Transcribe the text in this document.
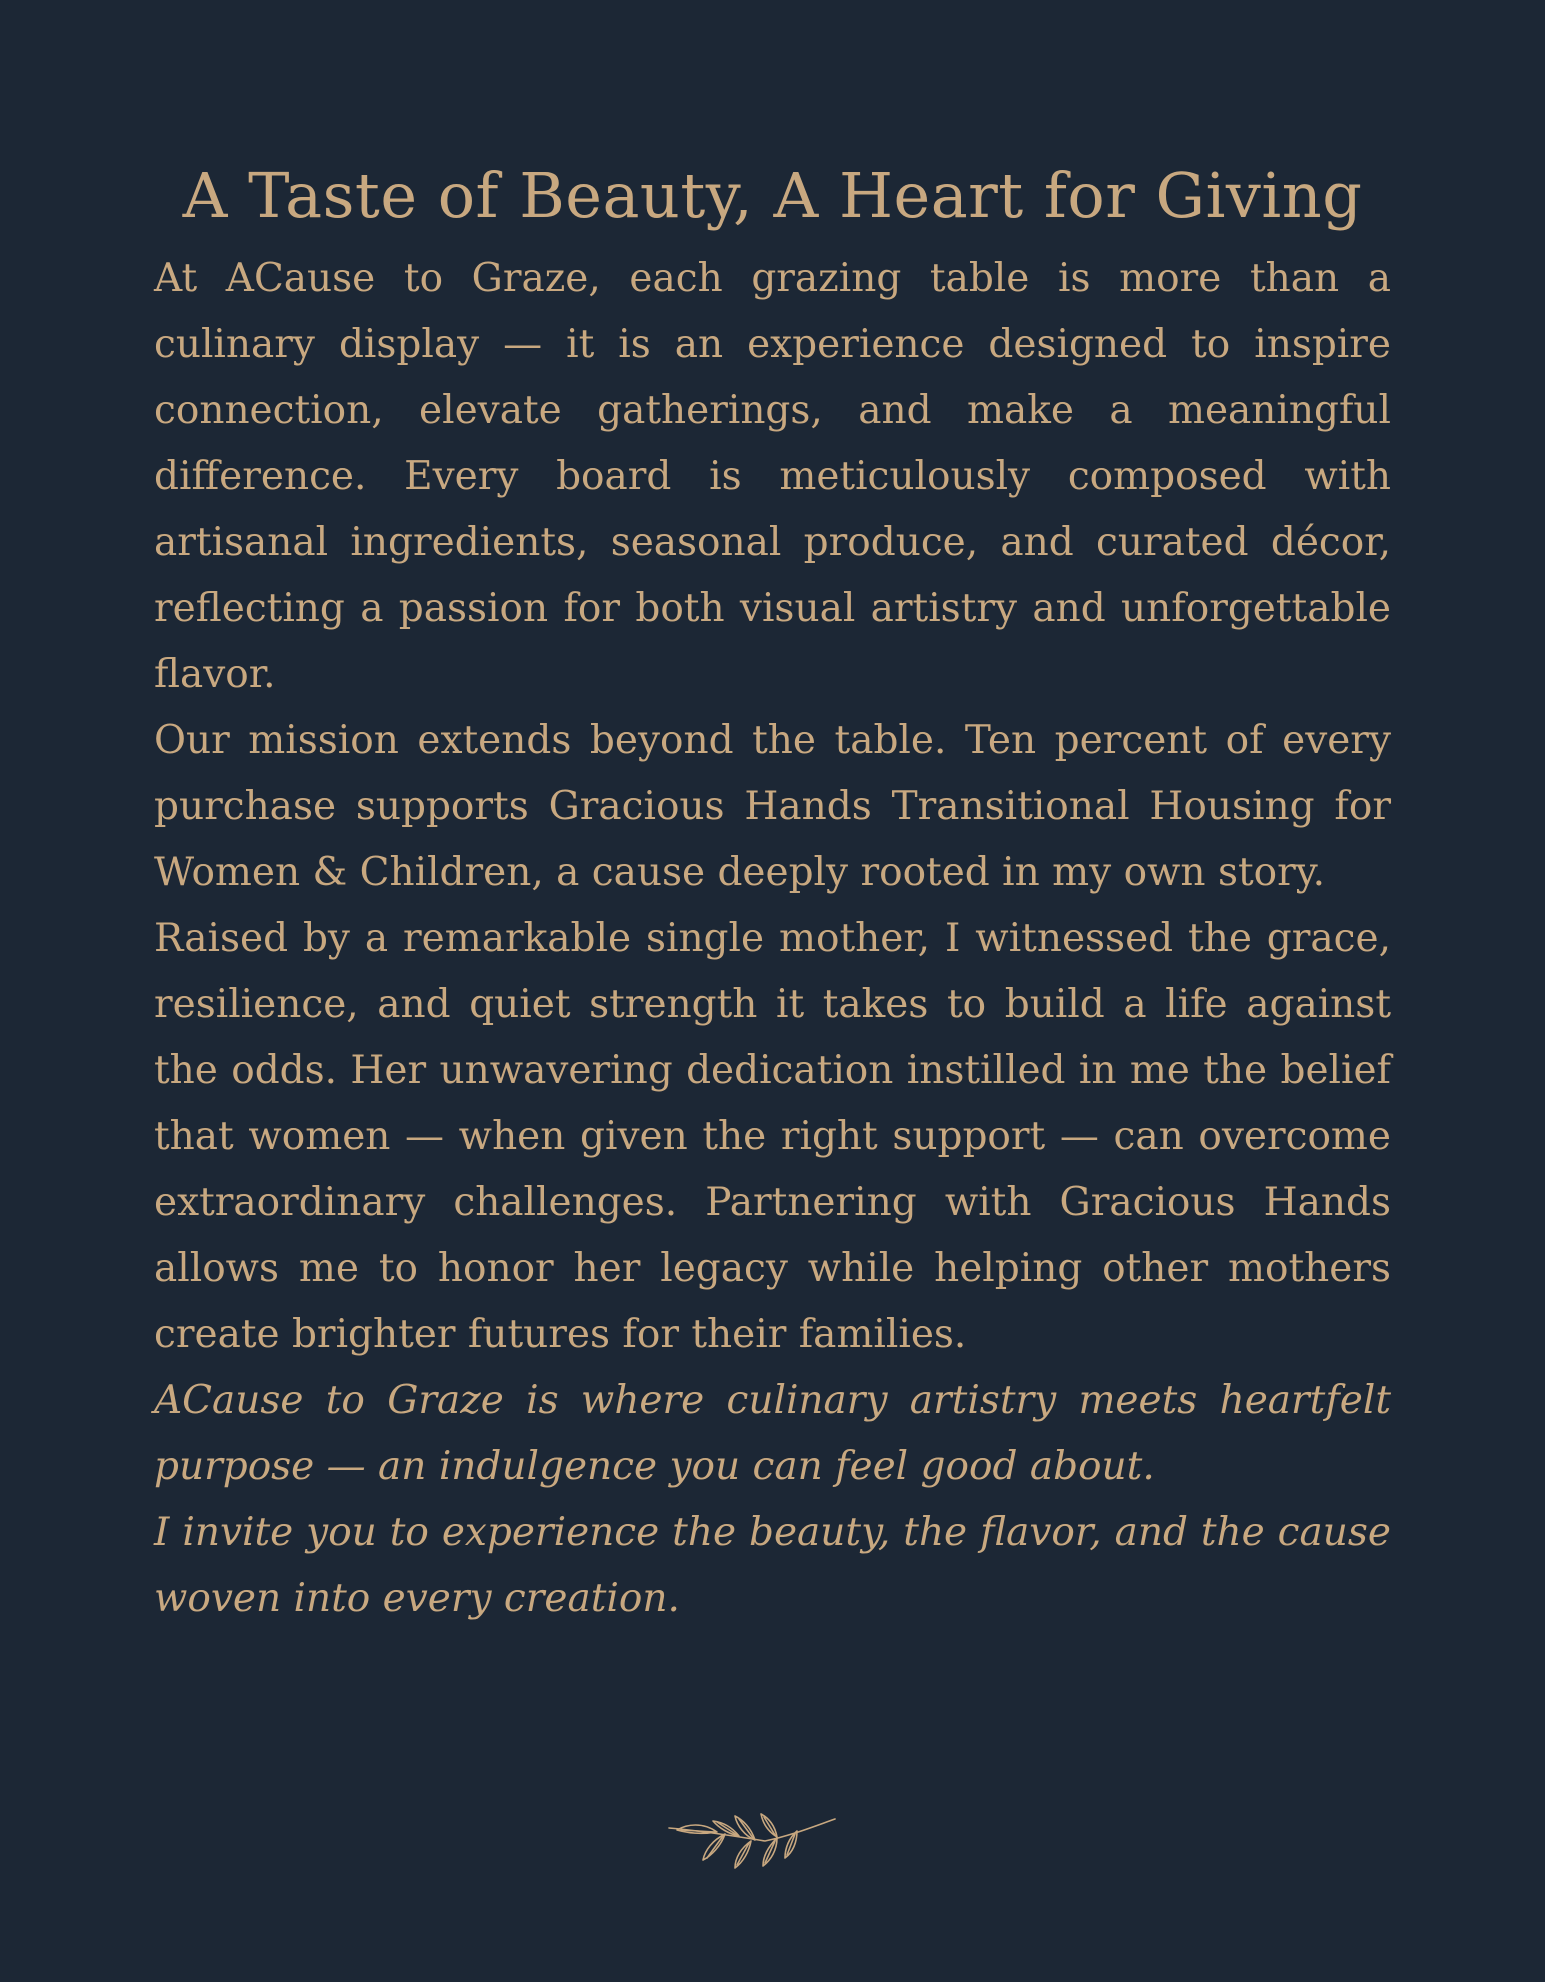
A Taste of Beauty, A Heart for Giving

At ACause to Graze, each grazing table is more than a culinary display — it is an experience designed to inspire connection, elevate gatherings, and make a meaningful difference. Every board is meticulously composed with artisanal ingredients, seasonal produce, and curated décor, reflecting a passion for both visual artistry and unforgettable flavor.

Our mission extends beyond the table. Ten percent of every purchase supports Gracious Hands Transitional Housing for Women & Children, a cause deeply rooted in my own story.

Raised by a remarkable single mother, I witnessed the grace, resilience, and quiet strength it takes to build a life against the odds. Her unwavering dedication instilled in me the belief that women — when given the right support — can overcome extraordinary challenges. Partnering with Gracious Hands allows me to honor her legacy while helping other mothers create brighter futures for their families.

ACause to Graze is where culinary artistry meets heartfelt purpose — an indulgence you can feel good about.

I invite you to experience the beauty, the flavor, and the cause woven into every creation.
